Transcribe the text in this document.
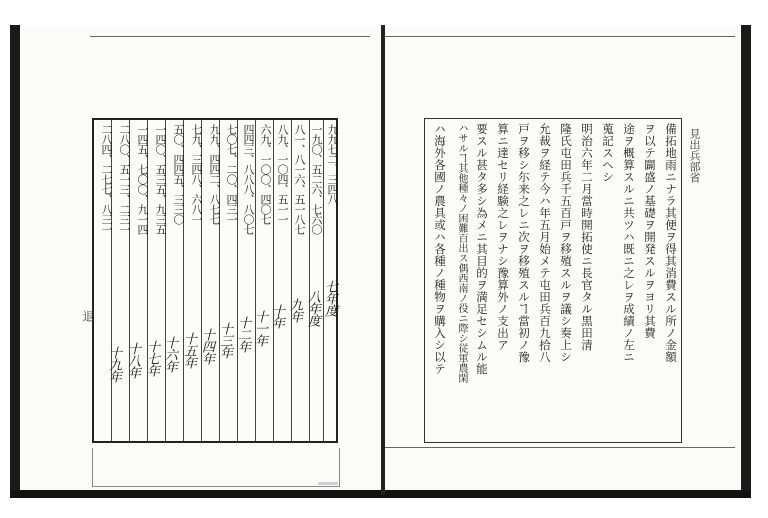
九九七二、三四八
一九〇、五二六、七六〇
八一、八一六、五一八七
八九、一〇四、五一一
六九、一〇〇、四〇七
四四三、八八八、八〇七
七〇七、二〇、四三一
九九、四四二、八七七
七九、三四八、六八一
五〇、四四五、三三〇
一四〇、五三五、九三五
一四五、七〇〇、九一四
二八〇、五一三、二三一
二八四、二七七、八三一
七年度
八年度
九年
十年
十一年
十二年
十三年
十四年
十五年
十六年
十七年
十八年
十九年
退
見出兵部省
備拓地雨ニナラ其便ヲ得其消費スル所ノ金額
ヲ以テ闢盛ノ基礎ヲ開発スルヲヨリ其費
途ヲ概算スルニ共ツハ既ニ之レヲ成績ノ左ニ
蒐記スヘシ
明治六年二月當時開拓使ニ長官タル黒田清
隆氏屯田兵千五百戸ヲ移殖スルヲ議シ奏上シ
允裁ヲ経テ今ハ年五月始メテ屯田兵百九拾八
戸ヲ移シ尓来之レニ次ヲ移殖スルヿ當初ノ豫
算ニ達セリ経験之レヲナシ豫算外ノ支出ア
要スル甚タ多シ為メニ其目的ヲ満足セシムル能
ハサルヿ其他種々ノ困難百出ス偶西南ノ役ニ際シ従軍農閑
ハ海外各國ノ農具或ハ各種ノ種物ヲ購入シ以テ
